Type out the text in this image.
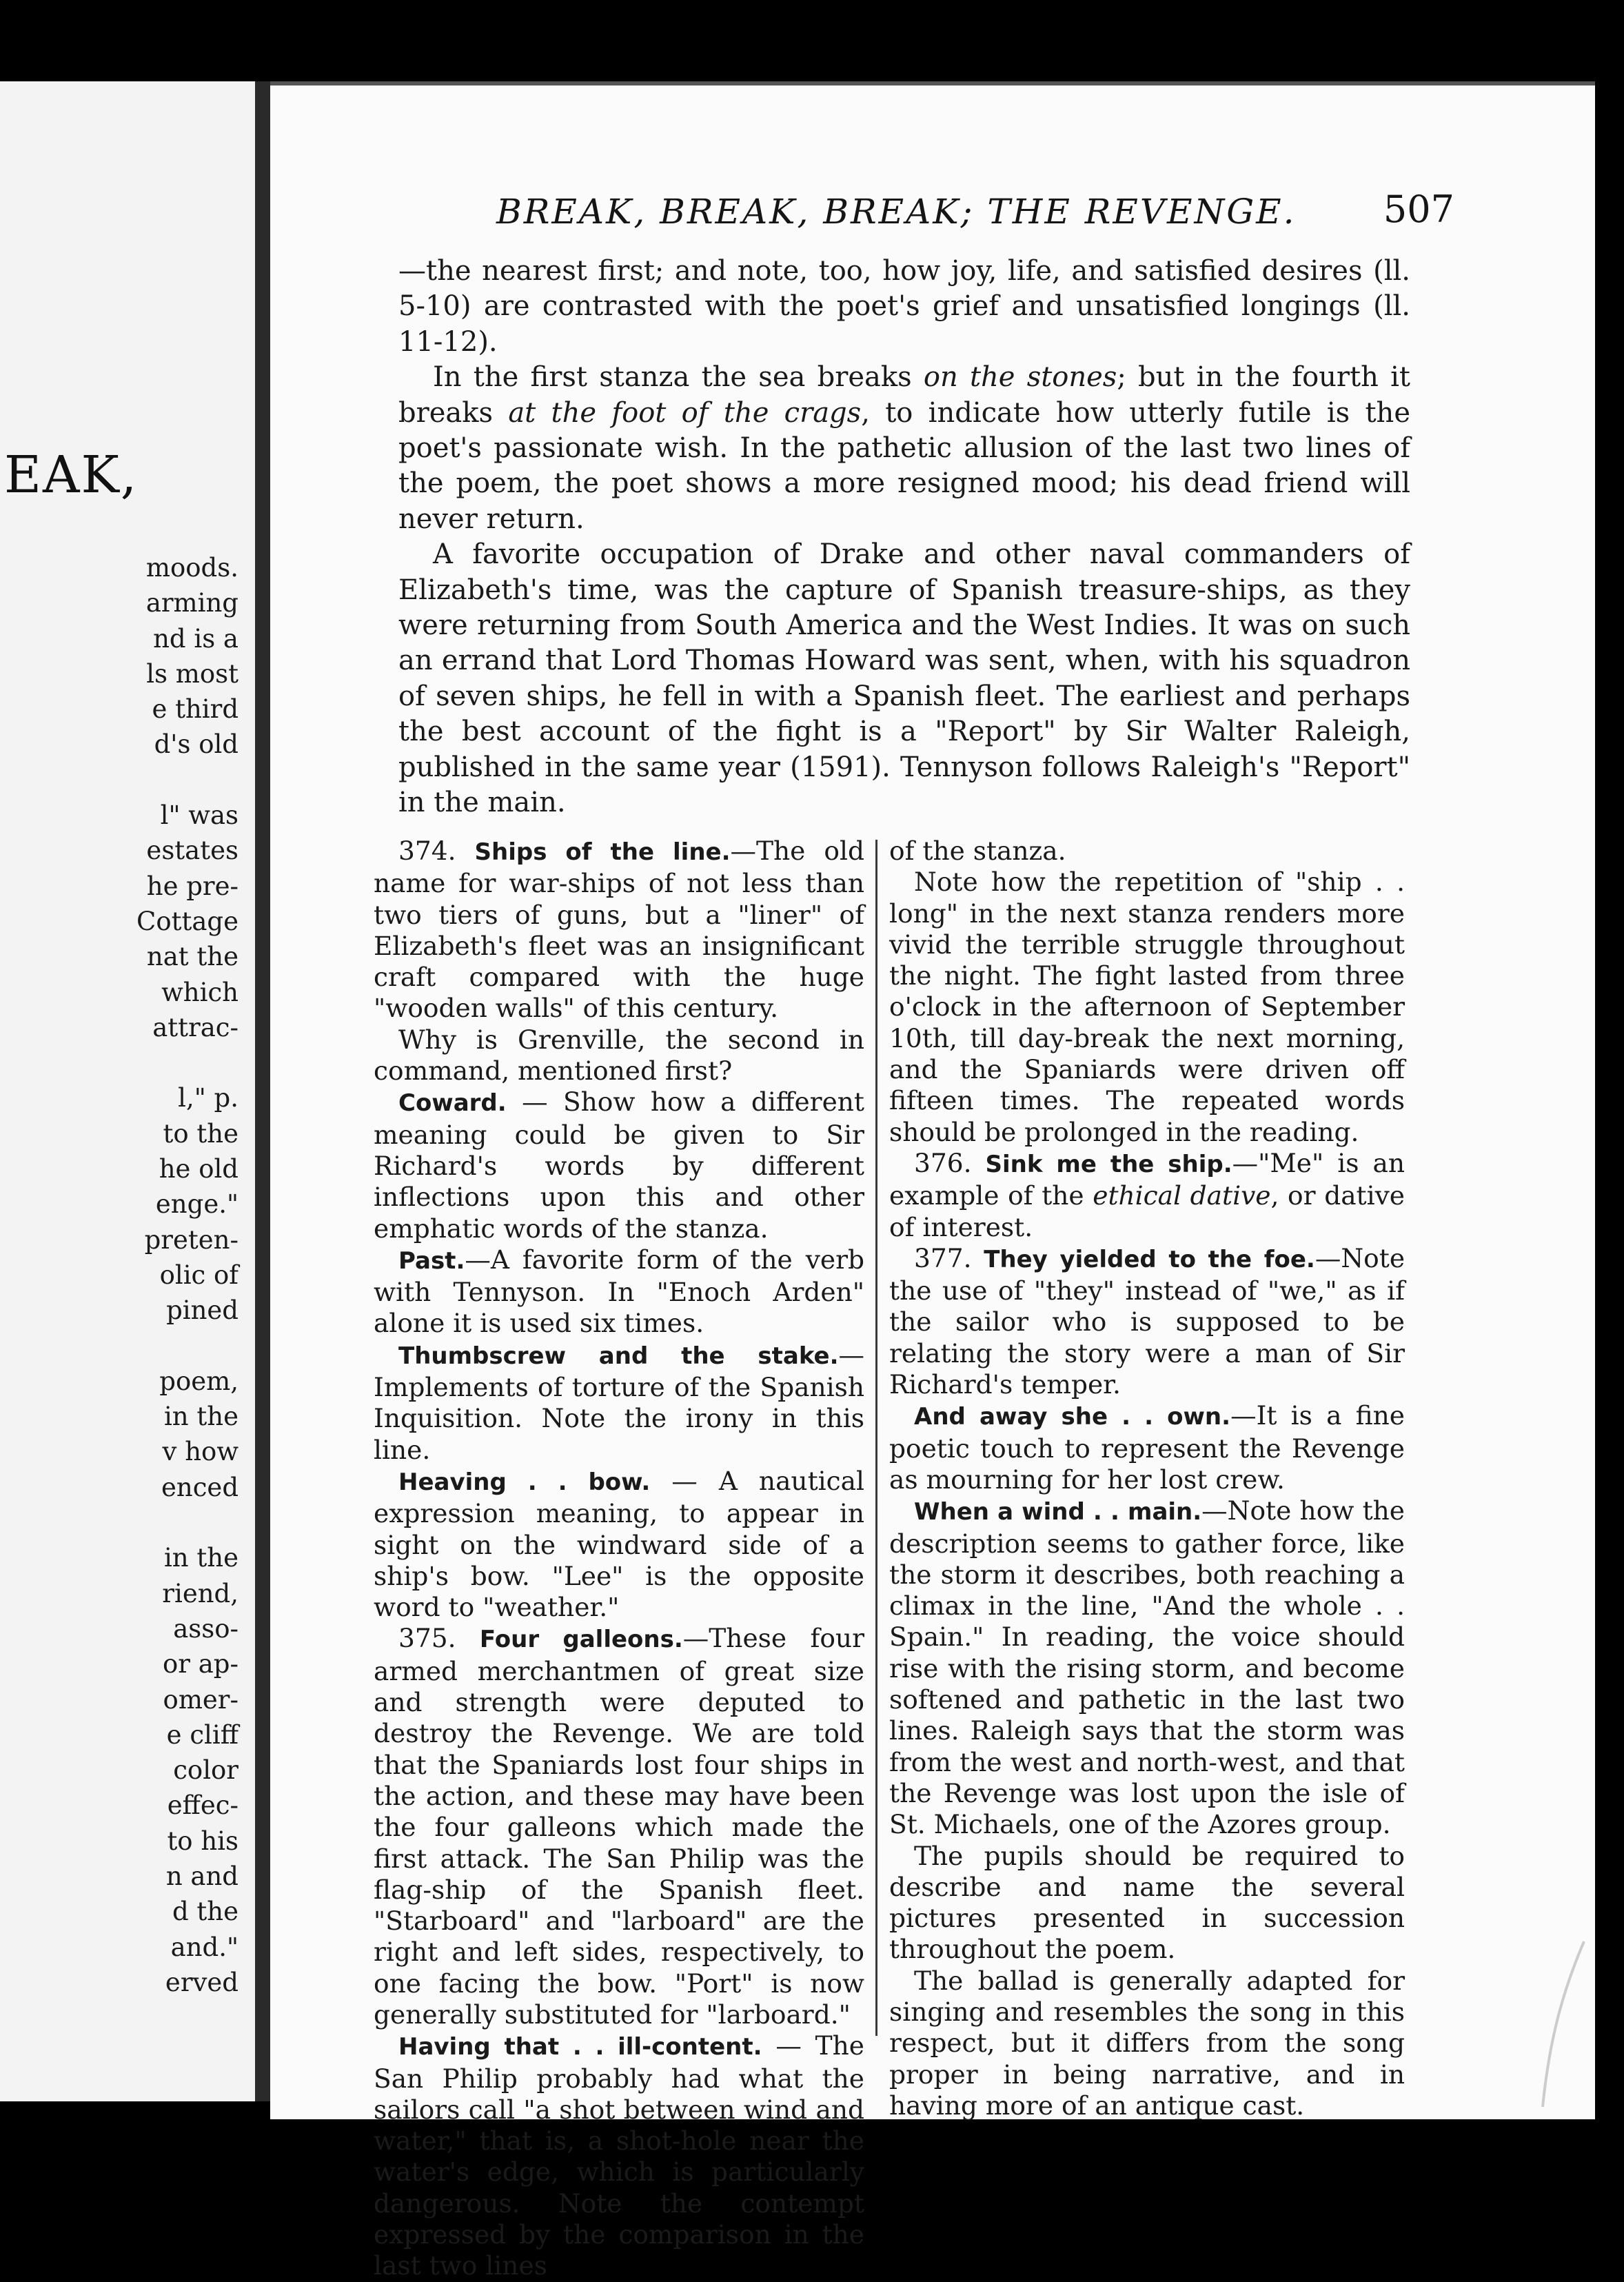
EAK,
moods.
arming
nd is a
ls most
e third
d's old
l" was
estates
he pre-
Cottage
nat the
which
attrac-
l," p.
to the
he old
enge."
preten-
olic of
pined
poem,
in the
v how
enced
in the
riend,
asso-
or ap-
omer-
e cliff
color
effec-
to his
n and
d the
and."
erved
BREAK, BREAK, BREAK; THE REVENGE. 507

—the nearest first; and note, too, how joy, life, and satisfied desires (ll. 5-10) are contrasted with the poet's grief and unsatisfied longings (ll. 11-12).

In the first stanza the sea breaks on the stones; but in the fourth it breaks at the foot of the crags, to indicate how utterly futile is the poet's passionate wish. In the pathetic allusion of the last two lines of the poem, the poet shows a more resigned mood; his dead friend will never return.

A favorite occupation of Drake and other naval commanders of Elizabeth's time, was the capture of Spanish treasure-ships, as they were returning from South America and the West Indies. It was on such an errand that Lord Thomas Howard was sent, when, with his squadron of seven ships, he fell in with a Spanish fleet. The earliest and perhaps the best account of the fight is a "Report" by Sir Walter Raleigh, published in the same year (1591). Tennyson follows Raleigh's "Report" in the main.

374. Ships of the line.—The old name for war-ships of not less than two tiers of guns, but a "liner" of Elizabeth's fleet was an insignificant craft compared with the huge "wooden walls" of this century.

Why is Grenville, the second in command, mentioned first?

Coward. — Show how a different meaning could be given to Sir Richard's words by different inflections upon this and other emphatic words of the stanza.

Past.—A favorite form of the verb with Tennyson. In "Enoch Arden" alone it is used six times.

Thumbscrew and the stake.—Implements of torture of the Spanish Inquisition. Note the irony in this line.

Heaving . . bow. — A nautical expression meaning, to appear in sight on the windward side of a ship's bow. "Lee" is the opposite word to "weather."

375. Four galleons.—These four armed merchantmen of great size and strength were deputed to destroy the Revenge. We are told that the Spaniards lost four ships in the action, and these may have been the four galleons which made the first attack. The San Philip was the flag-ship of the Spanish fleet. "Starboard" and "larboard" are the right and left sides, respectively, to one facing the bow. "Port" is now generally substituted for "larboard."

Having that . . ill-content. — The San Philip probably had what the sailors call "a shot between wind and water," that is, a shot-hole near the water's edge, which is particularly dangerous. Note the contempt expressed by the comparison in the last two lines

of the stanza.

Note how the repetition of "ship . . long" in the next stanza renders more vivid the terrible struggle throughout the night. The fight lasted from three o'clock in the afternoon of September 10th, till day-break the next morning, and the Spaniards were driven off fifteen times. The repeated words should be prolonged in the reading.

376. Sink me the ship.—"Me" is an example of the ethical dative, or dative of interest.

377. They yielded to the foe.—Note the use of "they" instead of "we," as if the sailor who is supposed to be relating the story were a man of Sir Richard's temper.

And away she . . own.—It is a fine poetic touch to represent the Revenge as mourning for her lost crew.

When a wind . . main.—Note how the description seems to gather force, like the storm it describes, both reaching a climax in the line, "And the whole . . Spain." In reading, the voice should rise with the rising storm, and become softened and pathetic in the last two lines. Raleigh says that the storm was from the west and north-west, and that the Revenge was lost upon the isle of St. Michaels, one of the Azores group.

The pupils should be required to describe and name the several pictures presented in succession throughout the poem.

The ballad is generally adapted for singing and resembles the song in this respect, but it differs from the song proper in being narrative, and in having more of an antique cast.
